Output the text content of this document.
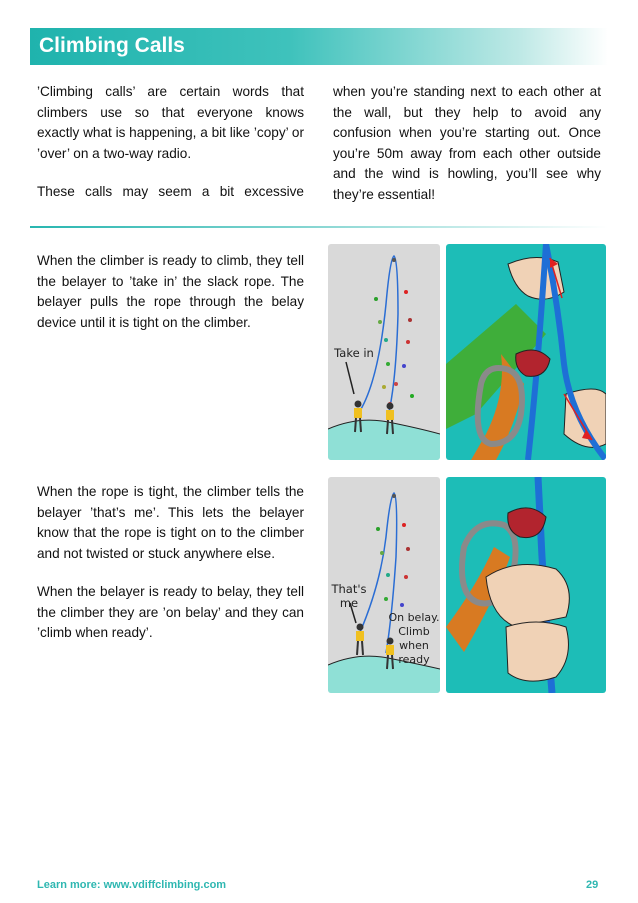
Climbing Calls

’Climbing calls’ are certain words that climbers use so that everyone knows exactly what is happening, a bit like ’copy’ or ’over’ on a two-way radio.

These calls may seem a bit excessive

when you’re standing next to each other at the wall, but they help to avoid any confusion when you’re starting out. Once you’re 50m away from each other outside and the wind is howling, you’ll see why they’re essential!

When the climber is ready to climb, they tell the belayer to ’take in’ the slack rope. The belayer pulls the rope through the belay device until it is tight on the climber.

Take in

When the rope is tight, the climber tells the belayer ’that’s me’. This lets the belayer know that the rope is tight on to the climber and not twisted or stuck anywhere else.

When the belayer is ready to belay, they tell the climber they are ’on belay’ and they can ’climb when ready’.

That's
me
On belay.
Climb
when
ready
Learn more: www.vdiffclimbing.com	29
